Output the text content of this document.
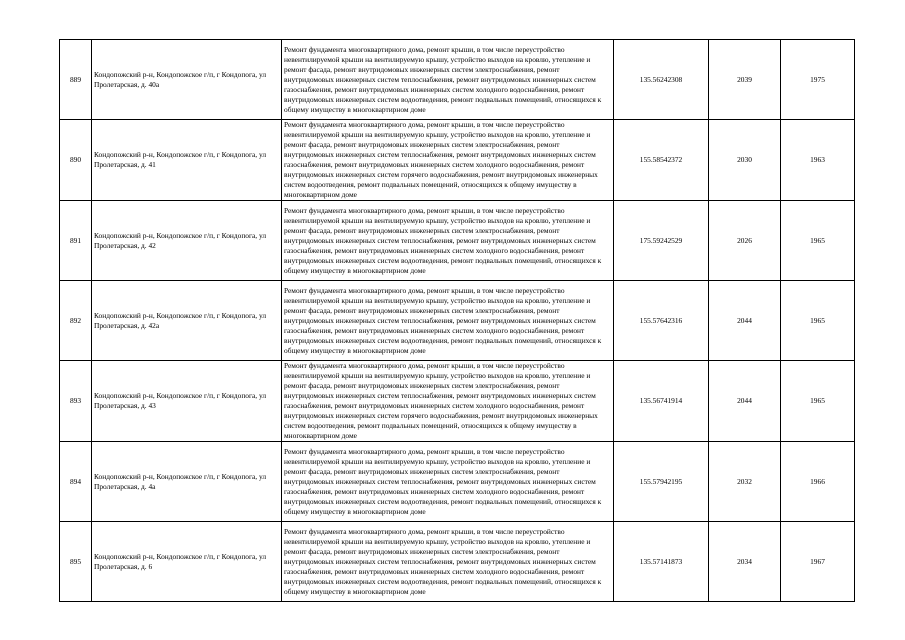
889	Кондопожский р-н, Кондопожское г/п, г Кондопога, ул Пролетарская, д. 40а	Ремонт фундамента многоквартирного дома, ремонт крыши, в том числе переустройство невентилируемой крыши на вентилируемую крышу, устройство выходов на кровлю, утепление и ремонт фасада, ремонт внутридомовых инженерных систем электроснабжения, ремонт внутридомовых инженерных систем теплоснабжения, ремонт внутридомовых инженерных систем газоснабжения, ремонт внутридомовых инженерных систем холодного водоснабжения, ремонт внутридомовых инженерных систем водоотведения, ремонт подвальных помещений, относящихся к общему имуществу в многоквартирном доме	135.56242308	2039	1975
890	Кондопожский р-н, Кондопожское г/п, г Кондопога, ул Пролетарская, д. 41	Ремонт фундамента многоквартирного дома, ремонт крыши, в том числе переустройство невентилируемой крыши на вентилируемую крышу, устройство выходов на кровлю, утепление и ремонт фасада, ремонт внутридомовых инженерных систем электроснабжения, ремонт внутридомовых инженерных систем теплоснабжения, ремонт внутридомовых инженерных систем газоснабжения, ремонт внутридомовых инженерных систем холодного водоснабжения, ремонт внутридомовых инженерных систем горячего водоснабжения, ремонт внутридомовых инженерных систем водоотведения, ремонт подвальных помещений, относящихся к общему имуществу в многоквартирном доме	155.58542372	2030	1963
891	Кондопожский р-н, Кондопожское г/п, г Кондопога, ул Пролетарская, д. 42	Ремонт фундамента многоквартирного дома, ремонт крыши, в том числе переустройство невентилируемой крыши на вентилируемую крышу, устройство выходов на кровлю, утепление и ремонт фасада, ремонт внутридомовых инженерных систем электроснабжения, ремонт внутридомовых инженерных систем теплоснабжения, ремонт внутридомовых инженерных систем газоснабжения, ремонт внутридомовых инженерных систем холодного водоснабжения, ремонт внутридомовых инженерных систем водоотведения, ремонт подвальных помещений, относящихся к общему имуществу в многоквартирном доме	175.59242529	2026	1965
892	Кондопожский р-н, Кондопожское г/п, г Кондопога, ул Пролетарская, д. 42а	Ремонт фундамента многоквартирного дома, ремонт крыши, в том числе переустройство невентилируемой крыши на вентилируемую крышу, устройство выходов на кровлю, утепление и ремонт фасада, ремонт внутридомовых инженерных систем электроснабжения, ремонт внутридомовых инженерных систем теплоснабжения, ремонт внутридомовых инженерных систем газоснабжения, ремонт внутридомовых инженерных систем холодного водоснабжения, ремонт внутридомовых инженерных систем водоотведения, ремонт подвальных помещений, относящихся к общему имуществу в многоквартирном доме	155.57642316	2044	1965
893	Кондопожский р-н, Кондопожское г/п, г Кондопога, ул Пролетарская, д. 43	Ремонт фундамента многоквартирного дома, ремонт крыши, в том числе переустройство невентилируемой крыши на вентилируемую крышу, устройство выходов на кровлю, утепление и ремонт фасада, ремонт внутридомовых инженерных систем электроснабжения, ремонт внутридомовых инженерных систем теплоснабжения, ремонт внутридомовых инженерных систем газоснабжения, ремонт внутридомовых инженерных систем холодного водоснабжения, ремонт внутридомовых инженерных систем горячего водоснабжения, ремонт внутридомовых инженерных систем водоотведения, ремонт подвальных помещений, относящихся к общему имуществу в многоквартирном доме	135.56741914	2044	1965
894	Кондопожский р-н, Кондопожское г/п, г Кондопога, ул Пролетарская, д. 4а	Ремонт фундамента многоквартирного дома, ремонт крыши, в том числе переустройство невентилируемой крыши на вентилируемую крышу, устройство выходов на кровлю, утепление и ремонт фасада, ремонт внутридомовых инженерных систем электроснабжения, ремонт внутридомовых инженерных систем теплоснабжения, ремонт внутридомовых инженерных систем газоснабжения, ремонт внутридомовых инженерных систем холодного водоснабжения, ремонт внутридомовых инженерных систем водоотведения, ремонт подвальных помещений, относящихся к общему имуществу в многоквартирном доме	155.57942195	2032	1966
895	Кондопожский р-н, Кондопожское г/п, г Кондопога, ул Пролетарская, д. 6	Ремонт фундамента многоквартирного дома, ремонт крыши, в том числе переустройство невентилируемой крыши на вентилируемую крышу, устройство выходов на кровлю, утепление и ремонт фасада, ремонт внутридомовых инженерных систем электроснабжения, ремонт внутридомовых инженерных систем теплоснабжения, ремонт внутридомовых инженерных систем газоснабжения, ремонт внутридомовых инженерных систем холодного водоснабжения, ремонт внутридомовых инженерных систем водоотведения, ремонт подвальных помещений, относящихся к общему имуществу в многоквартирном доме	135.57141873	2034	1967
